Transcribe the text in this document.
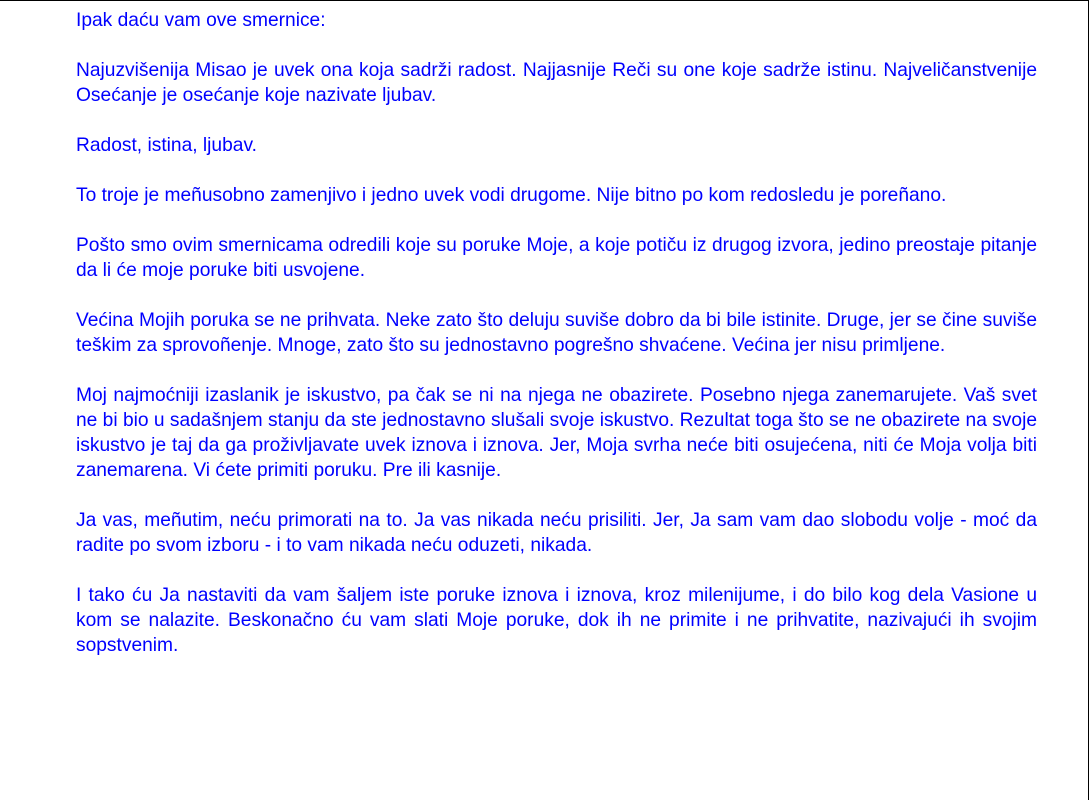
Ipak daću vam ove smernice:

Najuzvišenija Misao je uvek ona koja sadrži radost. Najjasnije Reči su one koje sadrže istinu. Najveličanstvenije Osećanje je osećanje koje nazivate ljubav.

Radost, istina, ljubav.

To troje je meñusobno zamenjivo i jedno uvek vodi drugome. Nije bitno po kom redosledu je poreñano.

Pošto smo ovim smernicama odredili koje su poruke Moje, a koje potiču iz drugog izvora, jedino preostaje pitanje da li će moje poruke biti usvojene.

Većina Mojih poruka se ne prihvata. Neke zato što deluju suviše dobro da bi bile istinite. Druge, jer se čine suviše teškim za sprovoñenje. Mnoge, zato što su jednostavno pogrešno shvaćene. Većina jer nisu primljene.

Moj najmoćniji izaslanik je iskustvo, pa čak se ni na njega ne obazirete. Posebno njega zanemarujete. Vaš svet ne bi bio u sadašnjem stanju da ste jednostavno slušali svoje iskustvo. Rezultat toga što se ne obazirete na svoje iskustvo je taj da ga proživljavate uvek iznova i iznova. Jer, Moja svrha neće biti osujećena, niti će Moja volja biti zanemarena. Vi ćete primiti poruku. Pre ili kasnije.

Ja vas, meñutim, neću primorati na to. Ja vas nikada neću prisiliti. Jer, Ja sam vam dao slobodu volje - moć da radite po svom izboru - i to vam nikada neću oduzeti, nikada.

I tako ću Ja nastaviti da vam šaljem iste poruke iznova i iznova, kroz milenijume, i do bilo kog dela Vasione u kom se nalazite. Beskonačno ću vam slati Moje poruke, dok ih ne primite i ne prihvatite, nazivajući ih svojim sopstvenim.
